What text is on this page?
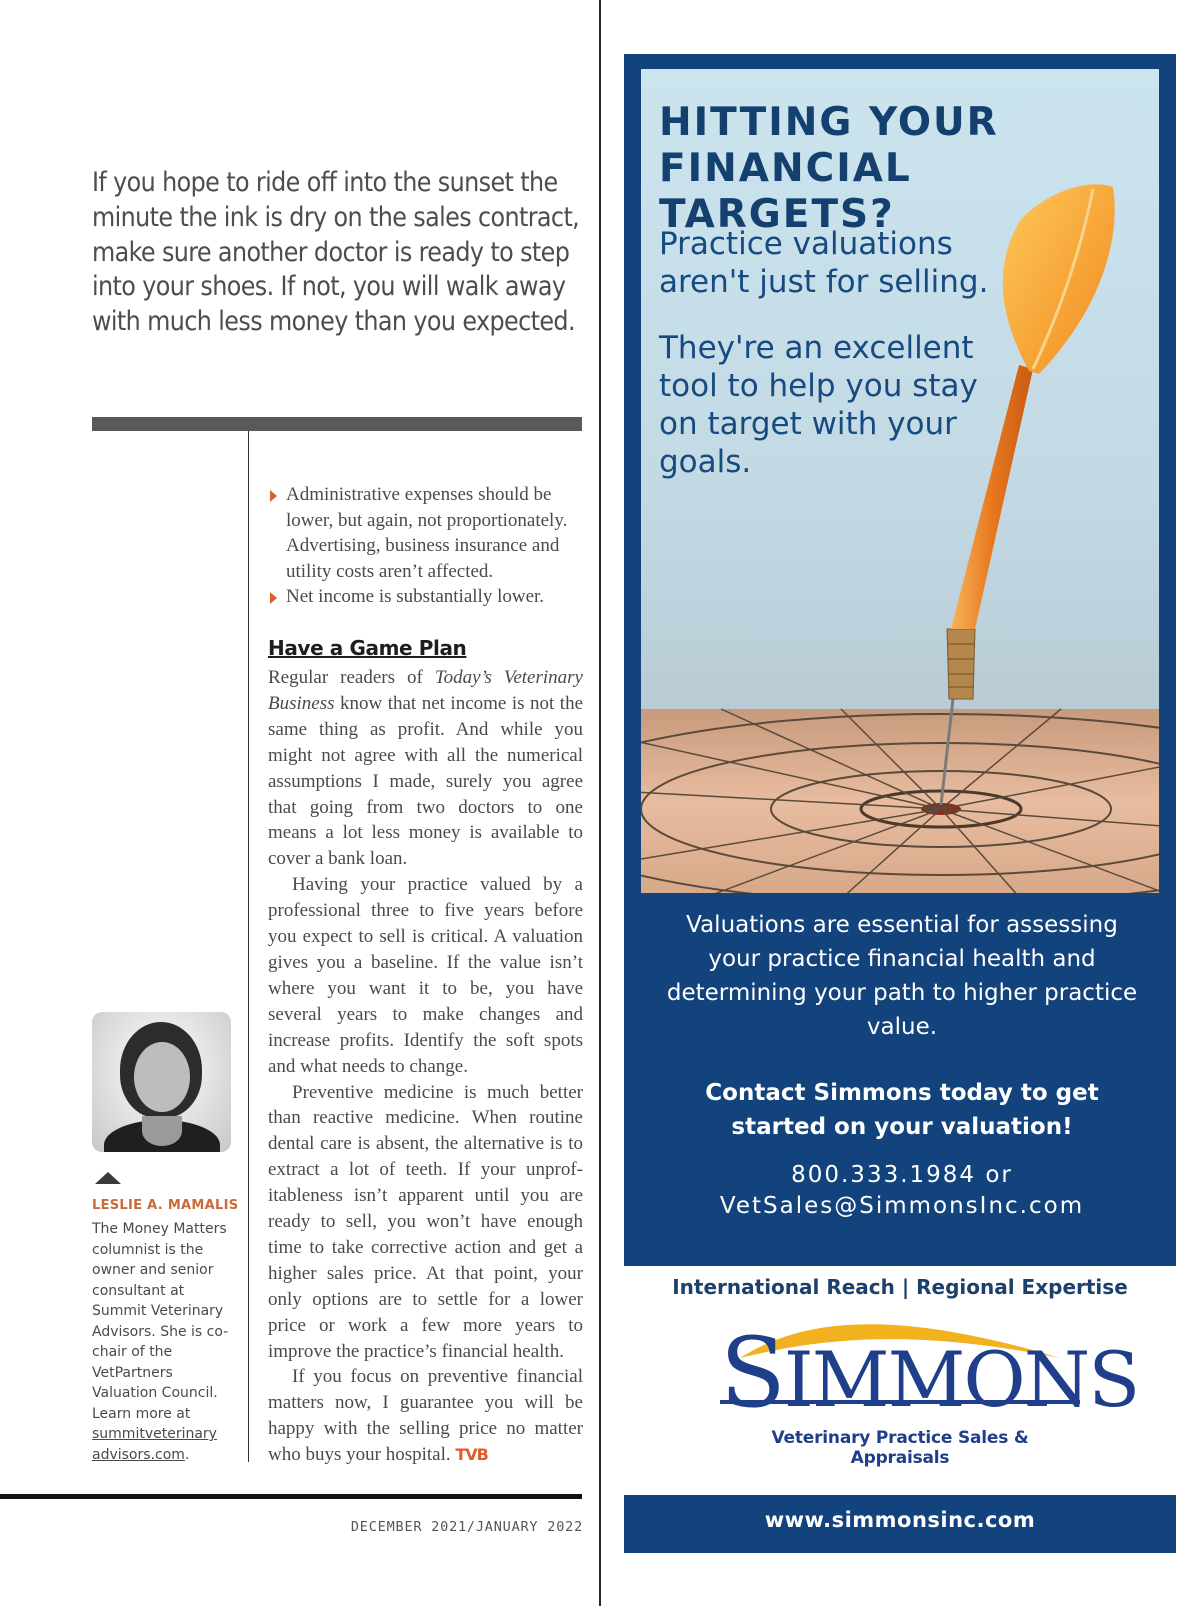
If you hope to ride off into the sunset the minute the ink is dry on the sales contract, make sure another doctor is ready to step into your shoes. If not, you will walk away with much less money than you expected.
Administrative expenses should be lower, but again, not proportionately. Advertising, business insurance and utility costs aren’t affected.
Net income is substantially lower.
Have a Game Plan

Regular readers of Today’s Veterinary Business know that net income is not the same thing as profit. And while you might not agree with all the numerical assumptions I made, surely you agree that going from two doctors to one means a lot less money is available to cover a bank loan.

Having your practice valued by a professional three to five years before you expect to sell is critical. A valuation gives you a baseline. If the value isn’t where you want it to be, you have several years to make changes and increase profits. Identify the soft spots and what needs to change.

Preventive medicine is much better than reactive medicine. When routine dental care is absent, the alternative is to extract a lot of teeth. If your unprofitableness isn’t apparent until you are ready to sell, you won’t have enough time to take corrective action and get a higher sales price. At that point, your only options are to settle for a lower price or work a few more years to improve the practice’s financial health.

If you focus on preventive financial matters now, I guarantee you will be happy with the selling price no matter who buys your hospital. TVB

LESLIE A. MAMALIS
The Money Matters columnist is the owner and senior consultant at Summit Veterinary Advisors. She is co-chair of the VetPartners Valuation Council. Learn more at summitveterinary advisors.com.
DECEMBER 2021/JANUARY 2022
HITTING YOUR FINANCIAL TARGETS?
Practice valuations aren't just for selling.
They're an excellent tool to help you stay on target with your goals.
Valuations are essential for assessing your practice financial health and determining your path to higher practice value.
Contact Simmons today to get started on your valuation!
800.333.1984 or
VetSales@SimmonsInc.com
International Reach | Regional Expertise
SIMMONS
Veterinary Practice Sales & Appraisals
www.simmonsinc.com
